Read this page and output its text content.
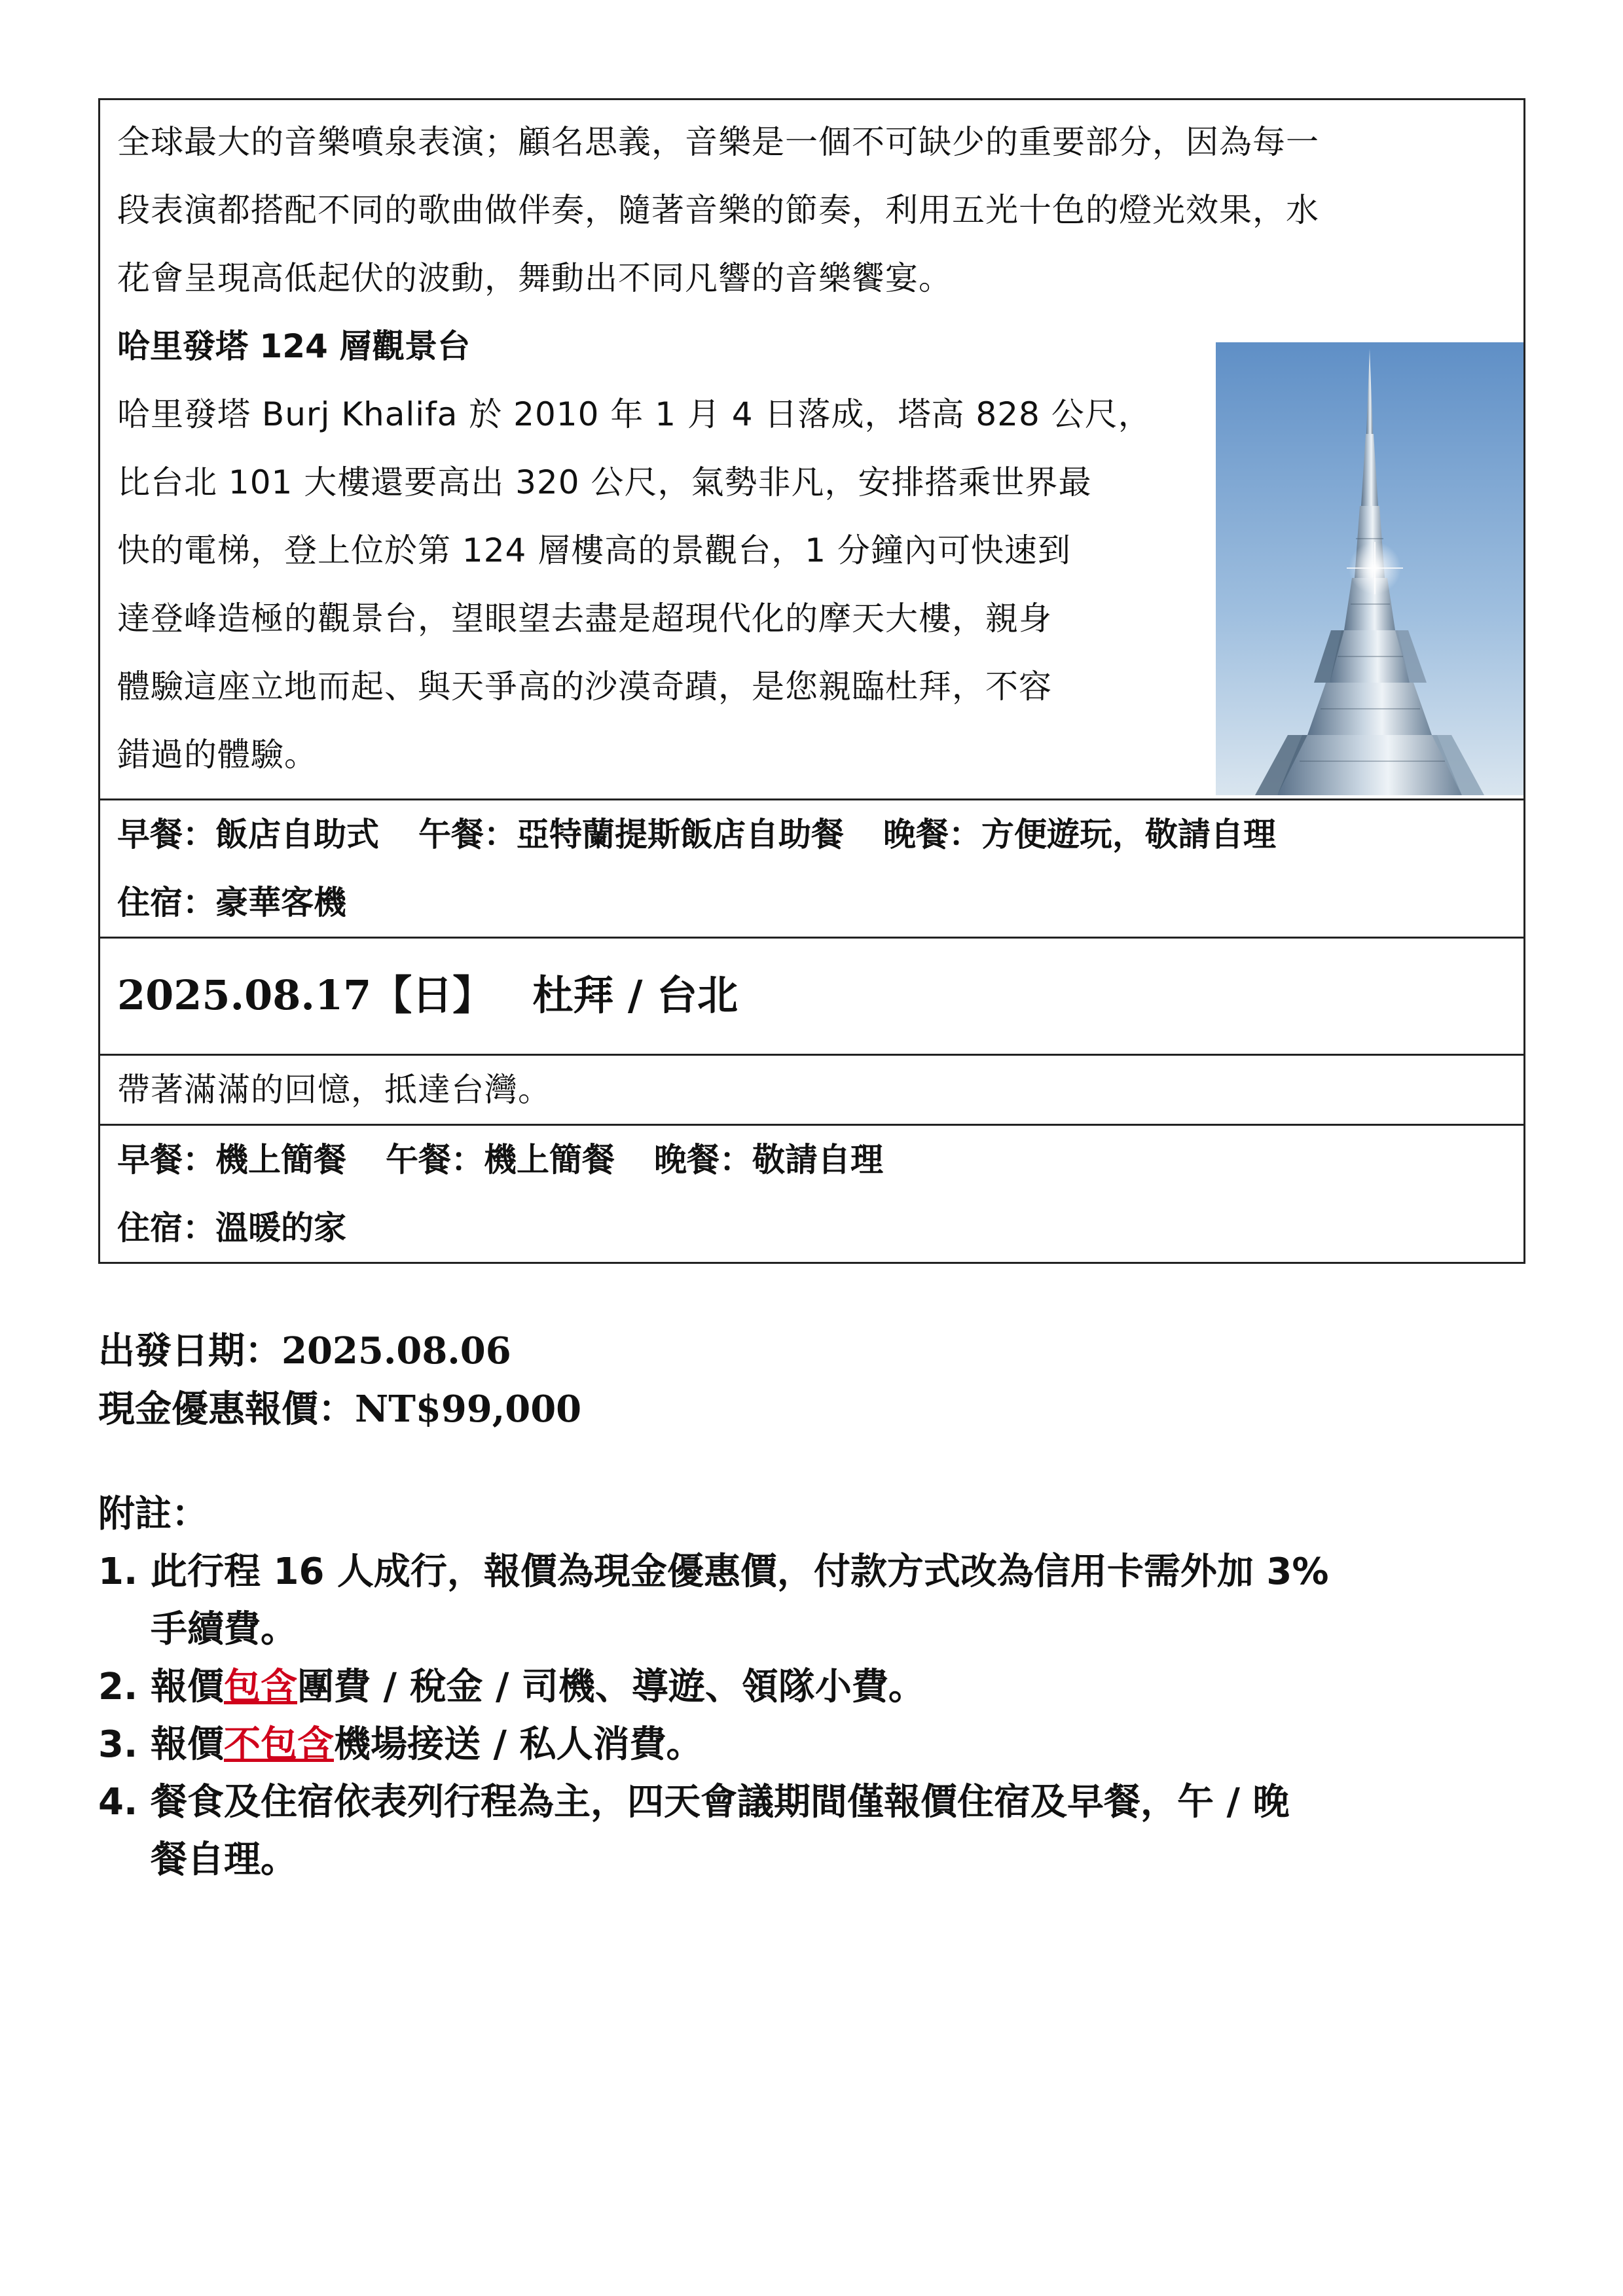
全球最大的音樂噴泉表演；顧名思義，音樂是一個不可缺少的重要部分，因為每一
段表演都搭配不同的歌曲做伴奏，隨著音樂的節奏，利用五光十色的燈光效果，水
花會呈現高低起伏的波動，舞動出不同凡響的音樂饗宴。
哈里發塔 124 層觀景台
哈里發塔 Burj Khalifa 於 2010 年 1 月 4 日落成，塔高 828 公尺，
比台北 101 大樓還要高出 320 公尺，氣勢非凡，安排搭乘世界最
快的電梯，登上位於第 124 層樓高的景觀台，1 分鐘內可快速到
達登峰造極的觀景台，望眼望去盡是超現代化的摩天大樓，親身
體驗這座立地而起、與天爭高的沙漠奇蹟，是您親臨杜拜，不容
錯過的體驗。
早餐：飯店自助式 午餐：亞特蘭提斯飯店自助餐 晚餐：方便遊玩，敬請自理
住宿：豪華客機
2025.08.17【日】 杜拜 / 台北
帶著滿滿的回憶，抵達台灣。
早餐：機上簡餐 午餐：機上簡餐 晚餐：敬請自理
住宿：溫暖的家
出發日期：2025.08.06
現金優惠報價：NT$99,000
附註：
1. 此行程 16 人成行，報價為現金優惠價，付款方式改為信用卡需外加 3%
手續費。
2. 報價包含團費 / 稅金 / 司機、導遊、領隊小費。
3. 報價不包含機場接送 / 私人消費。
4. 餐食及住宿依表列行程為主，四天會議期間僅報價住宿及早餐，午 / 晚
餐自理。
